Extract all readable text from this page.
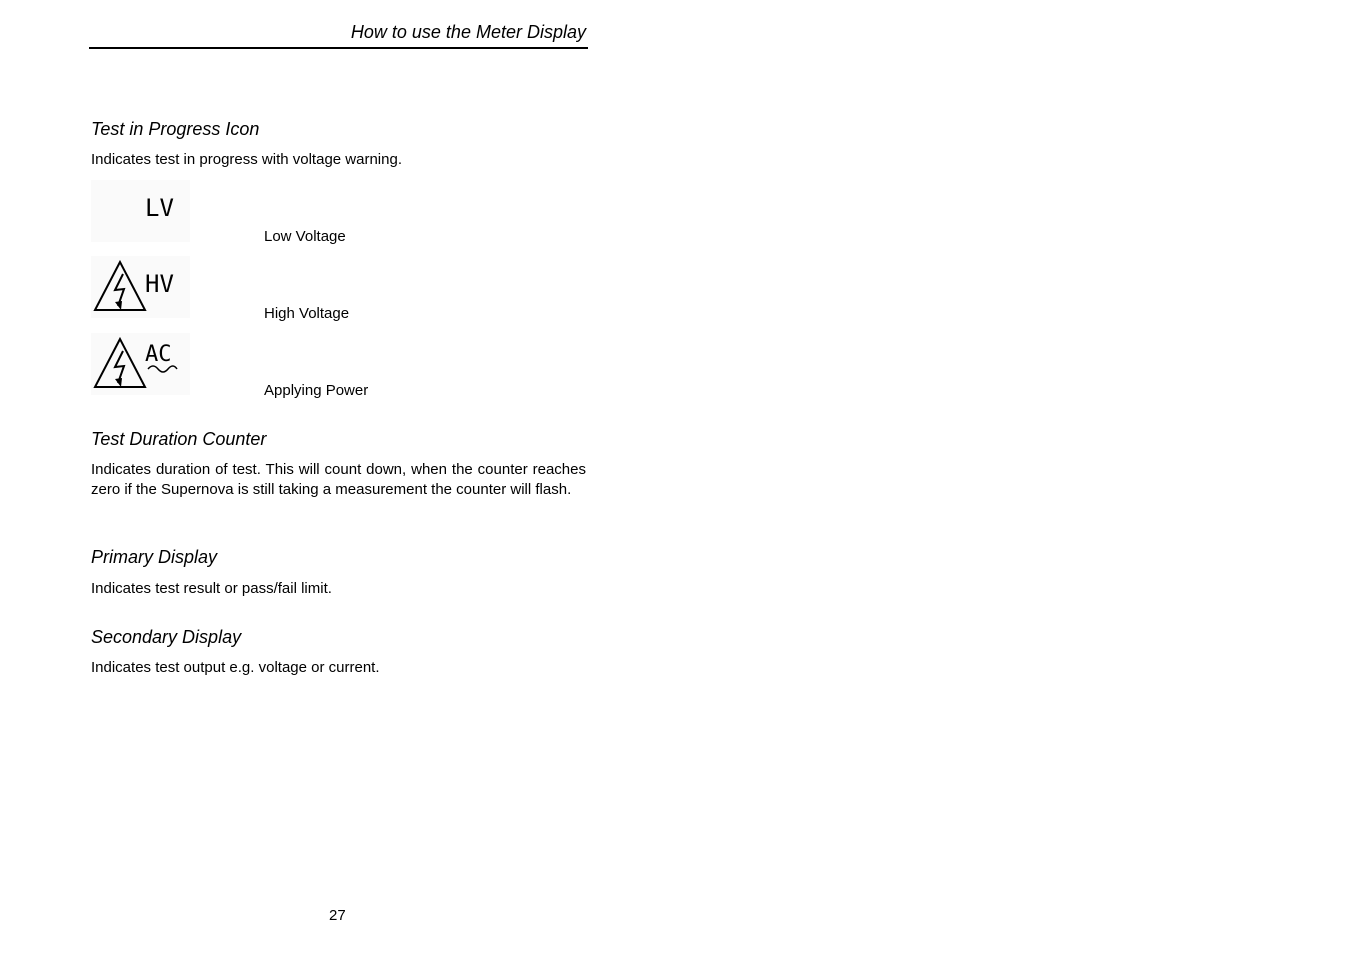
How to use the Meter Display
Test in Progress Icon
Indicates test in progress with voltage warning.
LV
Low Voltage
HV
High Voltage
AC
Applying Power
Test Duration Counter
Indicates duration of test. This will count down, when the counter reaches zero if the Supernova is still taking a measurement the counter will flash.
Primary Display
Indicates test result or pass/fail limit.
Secondary Display
Indicates test output e.g. voltage or current.
27
